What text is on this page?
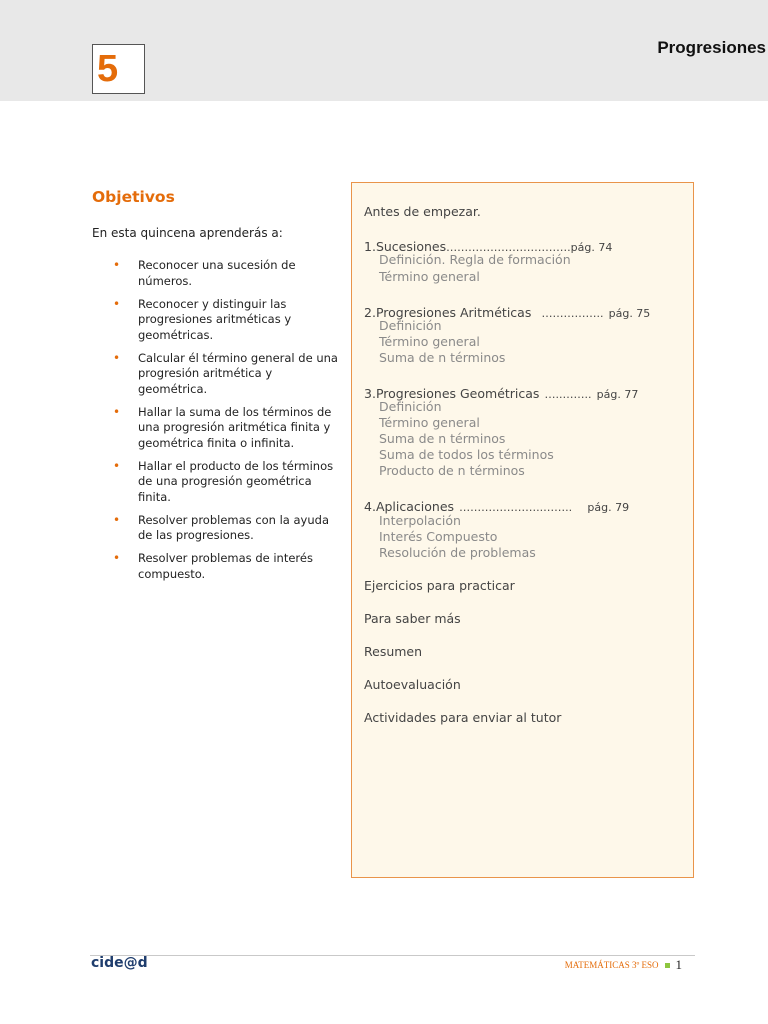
5
Progresiones
Objetivos
En esta quincena aprenderás a:
• Reconocer una sucesión de números.
• Reconocer y distinguir las progresiones aritméticas y geométricas.
• Calcular él término general de una progresión aritmética y geométrica.
• Hallar la suma de los términos de una progresión aritmética finita y geométrica finita o infinita.
• Hallar el producto de los términos de una progresión geométrica finita.
• Resolver problemas con la ayuda de las progresiones.
• Resolver problemas de interés compuesto.
Antes de empezar.
1.Sucesiones…………………………….pág. 74
Definición. Regla de formación
Término general
2.Progresiones Aritméticas …………….. pág. 75
Definición
Término general
Suma de n términos
3.Progresiones Geométricas …..…….. pág. 77
Definición
Término general
Suma de n términos
Suma de todos los términos
Producto de n términos
4.Aplicaciones …………………..…….. pág. 79
Interpolación
Interés Compuesto
Resolución de problemas
Ejercicios para practicar
Para saber más
Resumen
Autoevaluación
Actividades para enviar al tutor
cide@d	MATEMÁTICAS 3º ESO 1
